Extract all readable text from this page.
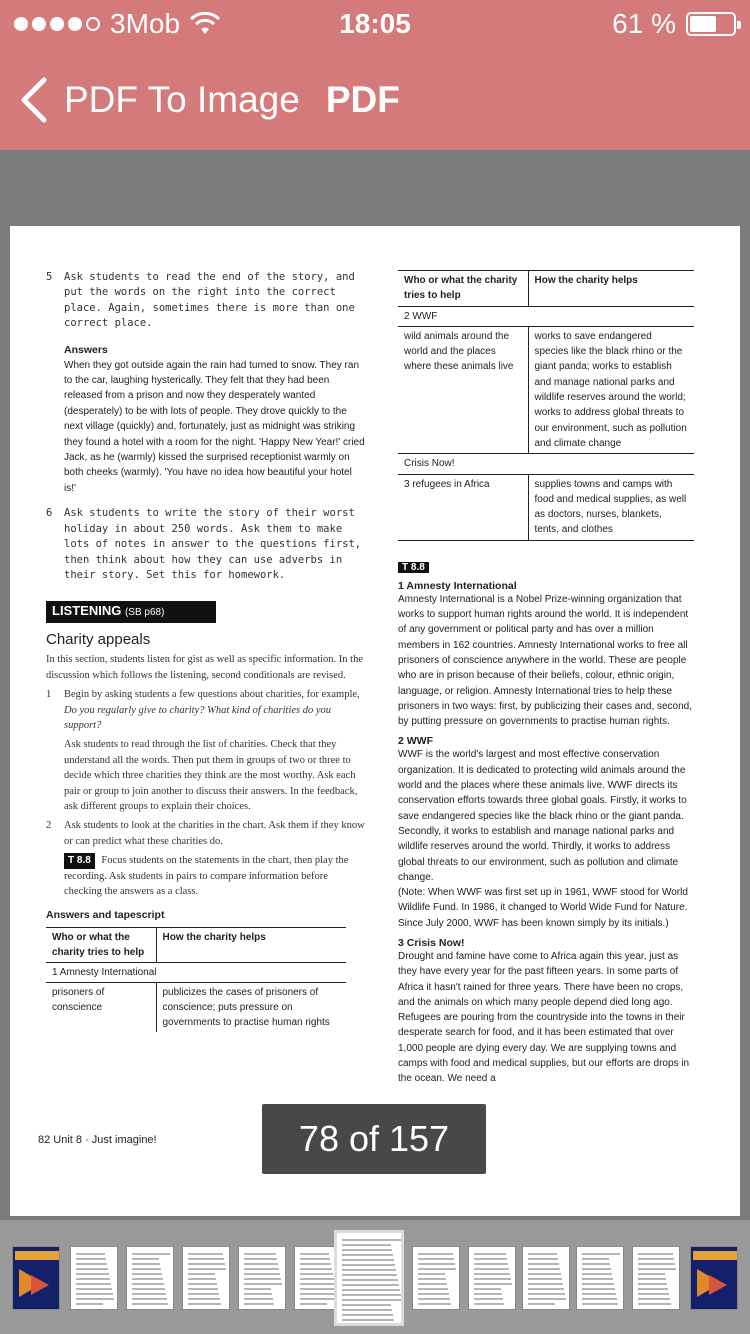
3Mob	18:05	61 %
PDF To Image PDF
5 Ask students to read the end of the story, and put the words on the right into the correct place. Again, sometimes there is more than one correct place.
Answers
When they got outside again the rain had turned to snow. They ran to the car, laughing hysterically. They felt that they had been released from a prison and now they desperately wanted (desperately) to be with lots of people. They drove quickly to the next village (quickly) and, fortunately, just as midnight was striking they found a hotel with a room for the night. 'Happy New Year!' cried Jack, as he (warmly) kissed the surprised receptionist warmly on both cheeks (warmly). 'You have no idea how beautiful your hotel is!'
6 Ask students to write the story of their worst holiday in about 250 words. Ask them to make lots of notes in answer to the questions first, then think about how they can use adverbs in their story. Set this for homework.
LISTENING (SB p68)
Charity appeals
In this section, students listen for gist as well as specific information. In the discussion which follows the listening, second conditionals are revised.
1 Begin by asking students a few questions about charities, for example, Do you regularly give to charity? What kind of charities do you support?
Ask students to read through the list of charities. Check that they understand all the words. Then put them in groups of two or three to decide which three charities they think are the most worthy. Ask each pair or group to join another to discuss their answers. In the feedback, ask different groups to explain their choices.
2 Ask students to look at the charities in the chart. Ask them if they know or can predict what these charities do.
T 8.8 Focus students on the statements in the chart, then play the recording. Ask students in pairs to compare information before checking the answers as a class.
Answers and tapescript
Who or what the charity tries to help	How the charity helps
1 Amnesty International	
prisoners of conscience	publicizes the cases of prisoners of conscience; puts pressure on governments to practise human rights
Who or what the charity tries to help	How the charity helps
2 WWF	
wild animals around the world and the places where these animals live	works to save endangered species like the black rhino or the giant panda; works to establish and manage national parks and wildlife reserves around the world; works to address global threats to our environment, such as pollution and climate change
Crisis Now!	
3 refugees in Africa	supplies towns and camps with food and medical supplies, as well as doctors, nurses, blankets, tents, and clothes
T 8.8
1 Amnesty International
Amnesty International is a Nobel Prize-winning organization that works to support human rights around the world. It is independent of any government or political party and has over a million members in 162 countries. Amnesty International works to free all prisoners of conscience anywhere in the world. These are people who are in prison because of their beliefs, colour, ethnic origin, language, or religion. Amnesty International tries to help these prisoners in two ways: first, by publicizing their cases and, second, by putting pressure on governments to practise human rights.
2 WWF
WWF is the world's largest and most effective conservation organization. It is dedicated to protecting wild animals around the world and the places where these animals live. WWF directs its conservation efforts towards three global goals. Firstly, it works to save endangered species like the black rhino or the giant panda. Secondly, it works to establish and manage national parks and wildlife reserves around the world. Thirdly, it works to address global threats to our environment, such as pollution and climate change.
(Note: When WWF was first set up in 1961, WWF stood for World Wildlife Fund. In 1986, it changed to World Wide Fund for Nature. Since July 2000, WWF has been known simply by its initials.)
3 Crisis Now!
Drought and famine have come to Africa again this year, just as they have every year for the past fifteen years. In some parts of Africa it hasn't rained for three years. There have been no crops, and the animals on which many people depend died long ago. Refugees are pouring from the countryside into the towns in their desperate search for food, and it has been estimated that over 1,000 people are dying every day. We are supplying towns and camps with food and medical supplies, but our efforts are drops in the ocean. We need a
82 Unit 8 · Just imagine!	78 of 157
